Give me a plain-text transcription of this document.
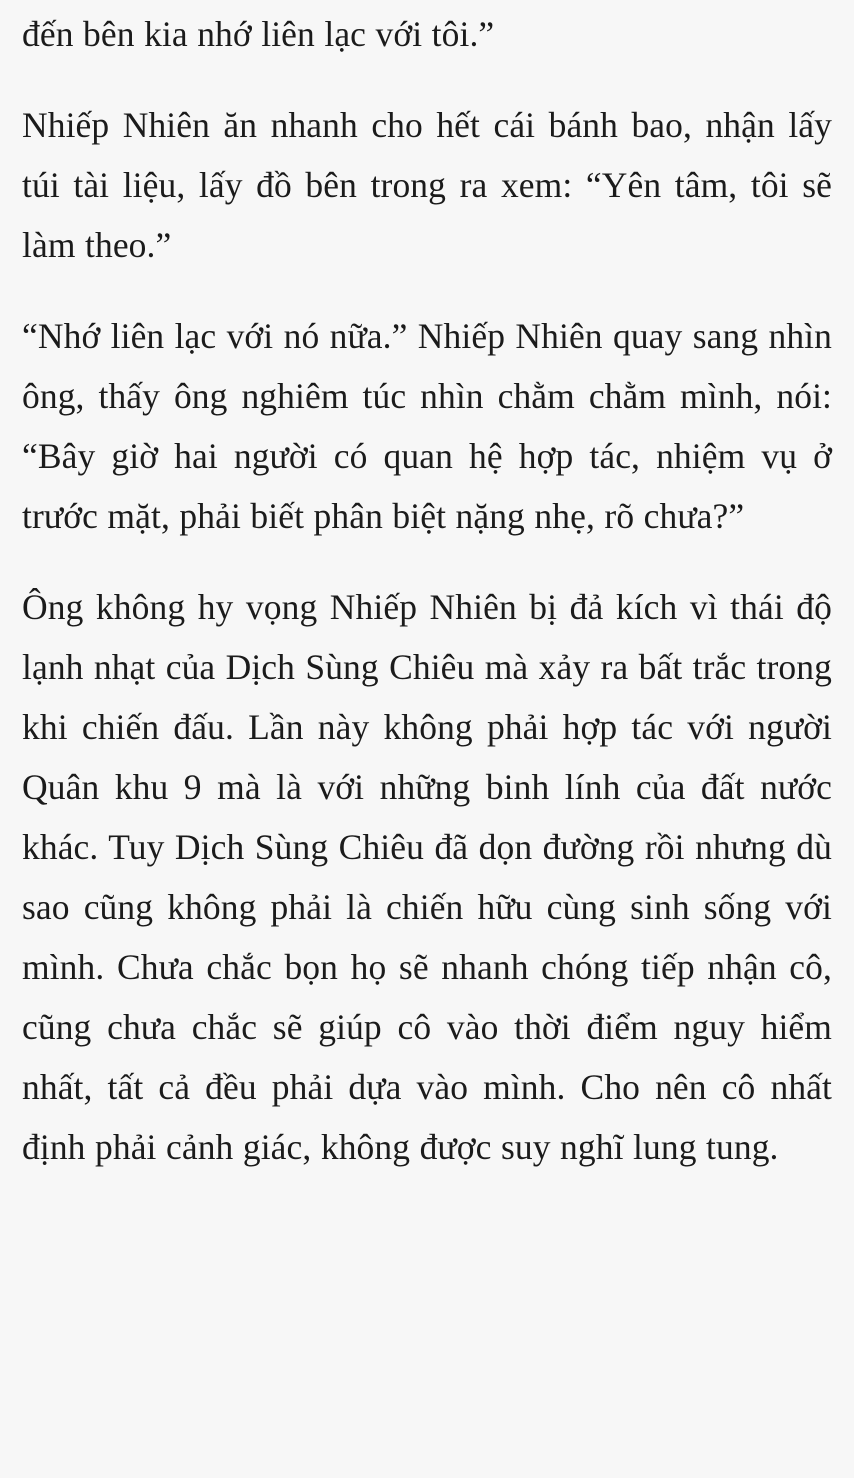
đến bên kia nhớ liên lạc với tôi.”

Nhiếp Nhiên ăn nhanh cho hết cái bánh bao, nhận lấy túi tài liệu, lấy đồ bên trong ra xem: “Yên tâm, tôi sẽ làm theo.”

“Nhớ liên lạc với nó nữa.” Nhiếp Nhiên quay sang nhìn ông, thấy ông nghiêm túc nhìn chằm chằm mình, nói: “Bây giờ hai người có quan hệ hợp tác, nhiệm vụ ở trước mặt, phải biết phân biệt nặng nhẹ, rõ chưa?”

Ông không hy vọng Nhiếp Nhiên bị đả kích vì thái độ lạnh nhạt của Dịch Sùng Chiêu mà xảy ra bất trắc trong khi chiến đấu. Lần này không phải hợp tác với người Quân khu 9 mà là với những binh lính của đất nước khác. Tuy Dịch Sùng Chiêu đã dọn đường rồi nhưng dù sao cũng không phải là chiến hữu cùng sinh sống với mình. Chưa chắc bọn họ sẽ nhanh chóng tiếp nhận cô, cũng chưa chắc sẽ giúp cô vào thời điểm nguy hiểm nhất, tất cả đều phải dựa vào mình. Cho nên cô nhất định phải cảnh giác, không được suy nghĩ lung tung.
